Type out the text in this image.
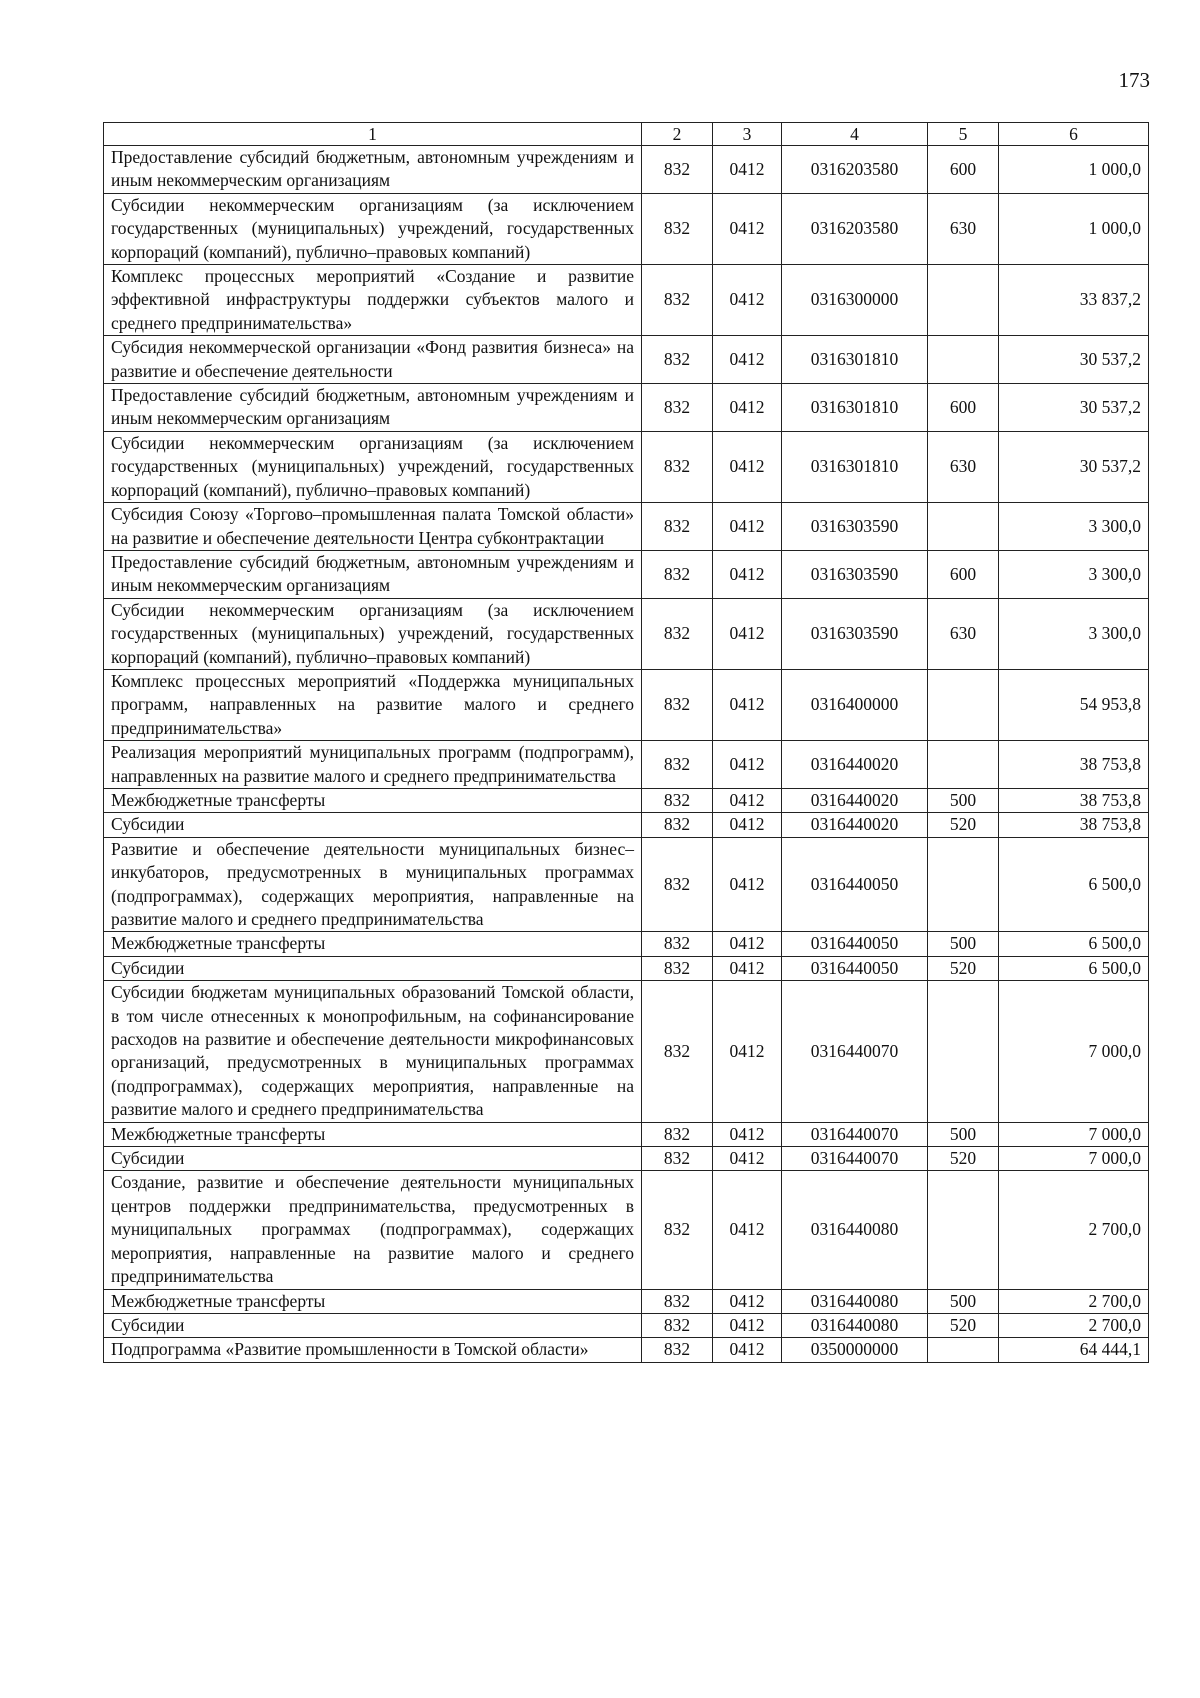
173
1	2	3	4	5	6
Предоставление субсидий бюджетным, автономным учреждениям и иным некоммерческим организациям	832	0412	0316203580	600	1 000,0
Субсидии некоммерческим организациям (за исключением государственных (муниципальных) учреждений, государственных корпораций (компаний), публично–правовых компаний)	832	0412	0316203580	630	1 000,0
Комплекс процессных мероприятий «Создание и развитие эффективной инфраструктуры поддержки субъектов малого и среднего предпринимательства»	832	0412	0316300000		33 837,2
Субсидия некоммерческой организации «Фонд развития бизнеса» на развитие и обеспечение деятельности	832	0412	0316301810		30 537,2
Предоставление субсидий бюджетным, автономным учреждениям и иным некоммерческим организациям	832	0412	0316301810	600	30 537,2
Субсидии некоммерческим организациям (за исключением государственных (муниципальных) учреждений, государственных корпораций (компаний), публично–правовых компаний)	832	0412	0316301810	630	30 537,2
Субсидия Союзу «Торгово–промышленная палата Томской области» на развитие и обеспечение деятельности Центра субконтрактации	832	0412	0316303590		3 300,0
Предоставление субсидий бюджетным, автономным учреждениям и иным некоммерческим организациям	832	0412	0316303590	600	3 300,0
Субсидии некоммерческим организациям (за исключением государственных (муниципальных) учреждений, государственных корпораций (компаний), публично–правовых компаний)	832	0412	0316303590	630	3 300,0
Комплекс процессных мероприятий «Поддержка муниципальных программ, направленных на развитие малого и среднего предпринимательства»	832	0412	0316400000		54 953,8
Реализация мероприятий муниципальных программ (подпрограмм), направленных на развитие малого и среднего предпринимательства	832	0412	0316440020		38 753,8
Межбюджетные трансферты	832	0412	0316440020	500	38 753,8
Субсидии	832	0412	0316440020	520	38 753,8
Развитие и обеспечение деятельности муниципальных бизнес–инкубаторов, предусмотренных в муниципальных программах (подпрограммах), содержащих мероприятия, направленные на развитие малого и среднего предпринимательства	832	0412	0316440050		6 500,0
Межбюджетные трансферты	832	0412	0316440050	500	6 500,0
Субсидии	832	0412	0316440050	520	6 500,0
Субсидии бюджетам муниципальных образований Томской области, в том числе отнесенных к монопрофильным, на софинансирование расходов на развитие и обеспечение деятельности микрофинансовых организаций, предусмотренных в муниципальных программах (подпрограммах), содержащих мероприятия, направленные на развитие малого и среднего предпринимательства	832	0412	0316440070		7 000,0
Межбюджетные трансферты	832	0412	0316440070	500	7 000,0
Субсидии	832	0412	0316440070	520	7 000,0
Создание, развитие и обеспечение деятельности муниципальных центров поддержки предпринимательства, предусмотренных в муниципальных программах (подпрограммах), содержащих мероприятия, направленные на развитие малого и среднего предпринимательства	832	0412	0316440080		2 700,0
Межбюджетные трансферты	832	0412	0316440080	500	2 700,0
Субсидии	832	0412	0316440080	520	2 700,0
Подпрограмма «Развитие промышленности в Томской области»	832	0412	0350000000		64 444,1
